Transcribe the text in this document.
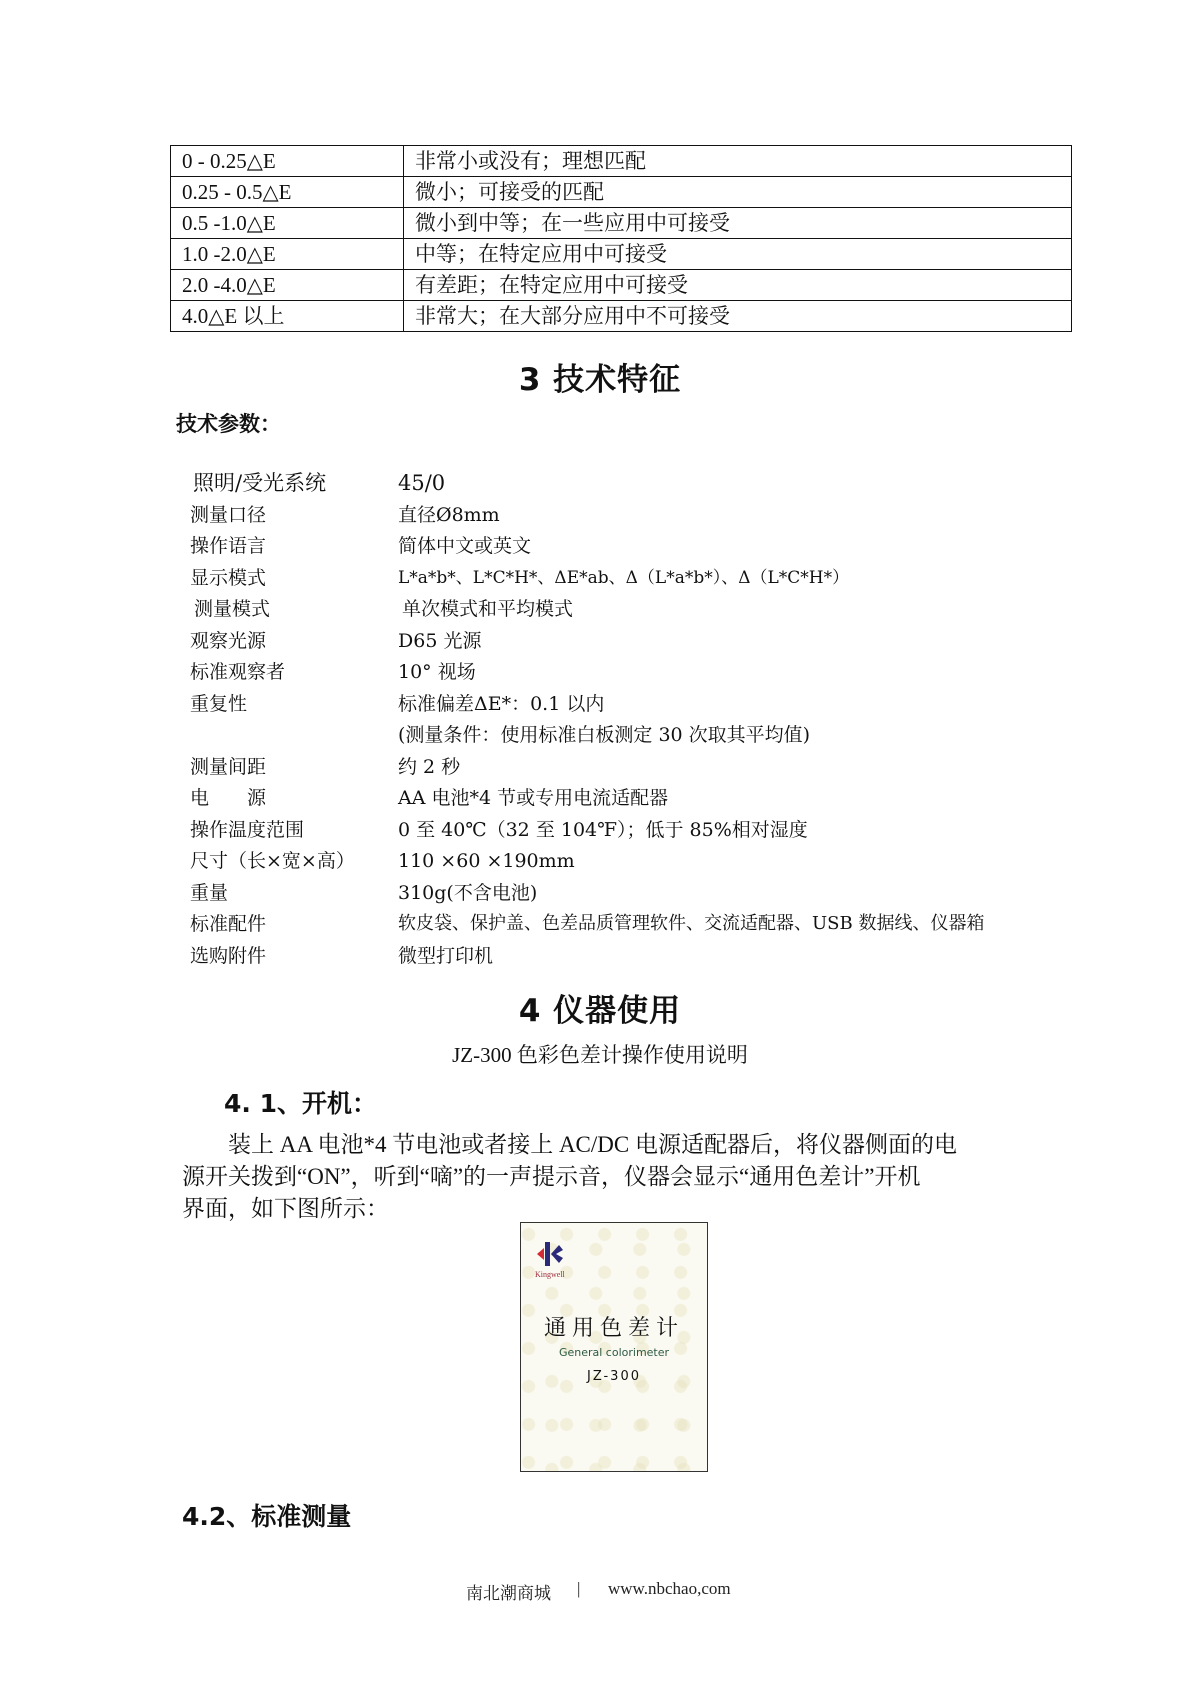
0 - 0.25△E	非常小或没有；理想匹配
0.25 - 0.5△E	微小；可接受的匹配
0.5 -1.0△E	微小到中等；在一些应用中可接受
1.0 -2.0△E	中等；在特定应用中可接受
2.0 -4.0△E	有差距；在特定应用中可接受
4.0△E 以上	非常大；在大部分应用中不可接受
3 技术特征
技术参数：
照明/受光系统	45/0
测量口径	直径Ø8mm
操作语言	简体中文或英文
显示模式	L*a*b*、L*C*H*、ΔE*ab、Δ（L*a*b*）、Δ（L*C*H*）
测量模式	单次模式和平均模式
观察光源	D65 光源
标准观察者	10° 视场
重复性	标准偏差ΔE*：0.1 以内
(测量条件：使用标准白板测定 30 次取其平均值)
测量间距	约 2 秒
电　　源	AA 电池*4 节或专用电流适配器
操作温度范围	0 至 40℃（32 至 104℉）；低于 85%相对湿度
尺寸（长×宽×高） 110 ×60 ×190mm
重量	310g(不含电池)
标准配件	软皮袋、保护盖、色差品质管理软件、交流适配器、USB 数据线、仪器箱
选购附件	微型打印机
4 仪器使用
JZ-300 色彩色差计操作使用说明
4. 1、开机：
　　装上 AA 电池*4 节电池或者接上 AC/DC 电源适配器后，将仪器侧面的电
源开关拨到“ON”，听到“嘀”的一声提示音，仪器会显示“通用色差计”开机
界面，如下图所示：
Kingwell
通用色差计
General colorimeter
JZ-300
4.2、标准测量
南北潮商城 | www.nbchao,com
